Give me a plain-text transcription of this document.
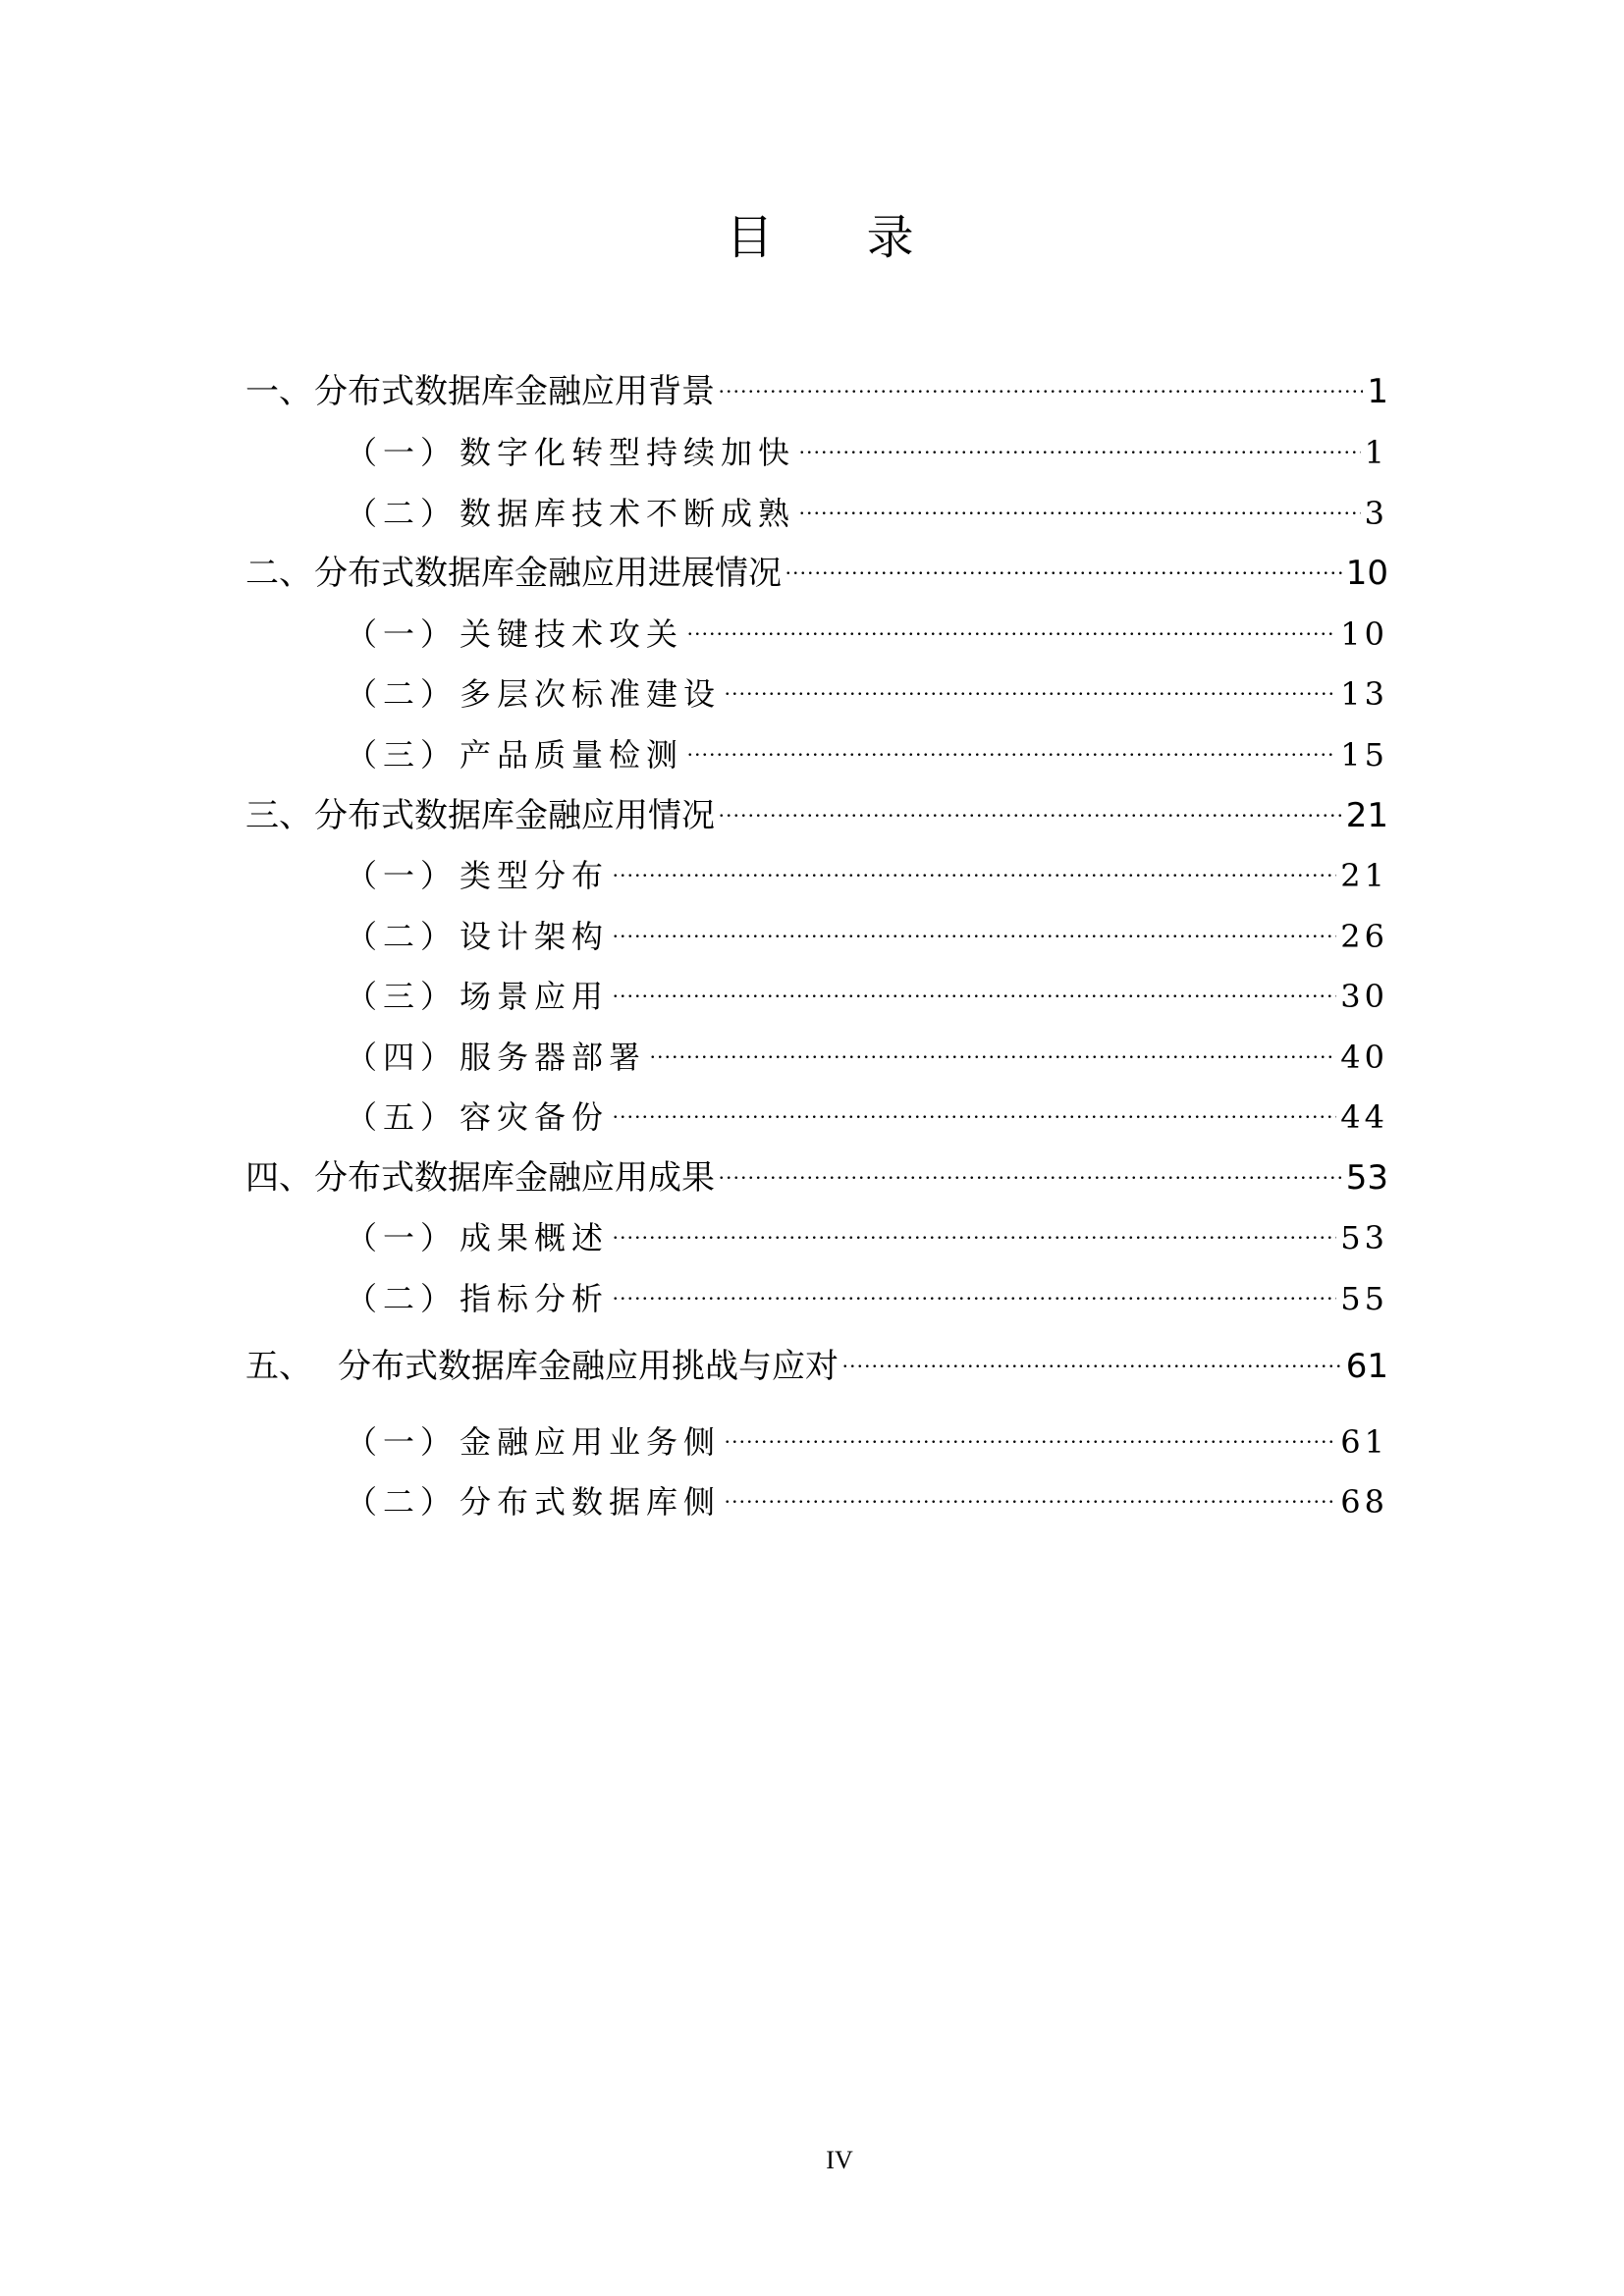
目 录
一、 分布式数据库金融应用背景 .....	1
（一） 数字化转型持续加快 .....	1
（二） 数据库技术不断成熟 .....	3
二、 分布式数据库金融应用进展情况 .....	10
（一） 关键技术攻关 .....	10
（二） 多层次标准建设 .....	13
（三） 产品质量检测 .....	15
三、 分布式数据库金融应用情况 .....	21
（一） 类型分布 .....	21
（二） 设计架构 .....	26
（三） 场景应用 .....	30
（四） 服务器部署 .....	40
（五） 容灾备份 .....	44
四、 分布式数据库金融应用成果 .....	53
（一） 成果概述 .....	53
（二） 指标分析 .....	55
五、 分布式数据库金融应用挑战与应对 .....	61
（一） 金融应用业务侧 .....	61
（二） 分布式数据库侧 .....	68
IV
